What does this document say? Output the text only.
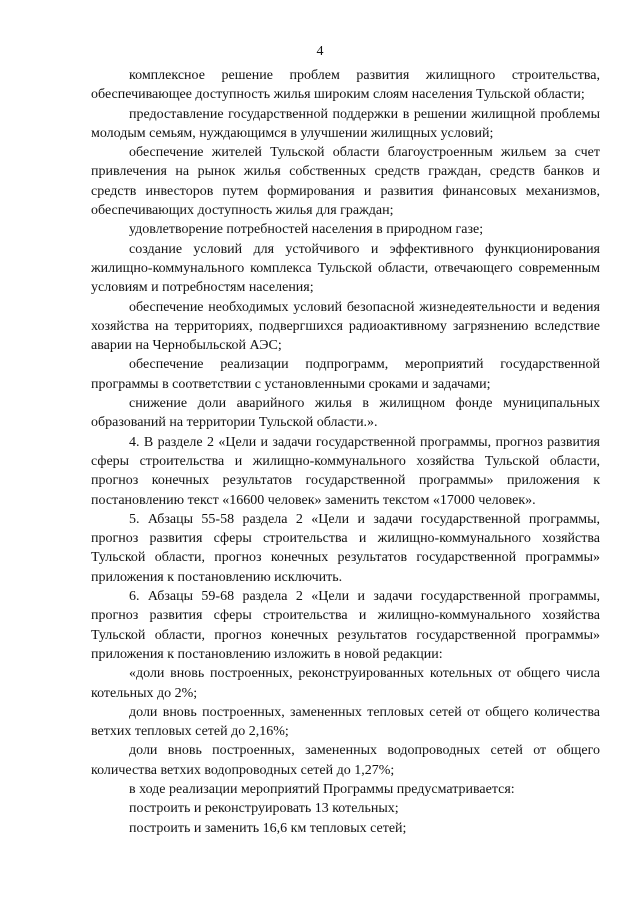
4

комплексное решение проблем развития жилищного строительства, обеспечивающее доступность жилья широким слоям населения Тульской области;

предоставление государственной поддержки в решении жилищной проблемы молодым семьям, нуждающимся в улучшении жилищных условий;

обеспечение жителей Тульской области благоустроенным жильем за счет привлечения на рынок жилья собственных средств граждан, средств банков и средств инвесторов путем формирования и развития финансовых механизмов, обеспечивающих доступность жилья для граждан;

удовлетворение потребностей населения в природном газе;

создание условий для устойчивого и эффективного функционирования жилищно-коммунального комплекса Тульской области, отвечающего современным условиям и потребностям населения;

обеспечение необходимых условий безопасной жизнедеятельности и ведения хозяйства на территориях, подвергшихся радиоактивному загрязнению вследствие аварии на Чернобыльской АЭС;

обеспечение реализации подпрограмм, мероприятий государственной программы в соответствии с установленными сроками и задачами;

снижение доли аварийного жилья в жилищном фонде муниципальных образований на территории Тульской области.».

4. В разделе 2 «Цели и задачи государственной программы, прогноз развития сферы строительства и жилищно-коммунального хозяйства Тульской области, прогноз конечных результатов государственной программы» приложения к постановлению текст «16600 человек» заменить текстом «17000 человек».

5. Абзацы 55-58 раздела 2 «Цели и задачи государственной программы, прогноз развития сферы строительства и жилищно-коммунального хозяйства Тульской области, прогноз конечных результатов государственной программы» приложения к постановлению исключить.

6. Абзацы 59-68 раздела 2 «Цели и задачи государственной программы, прогноз развития сферы строительства и жилищно-коммунального хозяйства Тульской области, прогноз конечных результатов государственной программы» приложения к постановлению изложить в новой редакции:

«доли вновь построенных, реконструированных котельных от общего числа котельных до 2%;

доли вновь построенных, замененных тепловых сетей от общего количества ветхих тепловых сетей до 2,16%;

доли вновь построенных, замененных водопроводных сетей от общего количества ветхих водопроводных сетей до 1,27%;

в ходе реализации мероприятий Программы предусматривается:

построить и реконструировать 13 котельных;

построить и заменить 16,6 км тепловых сетей;
